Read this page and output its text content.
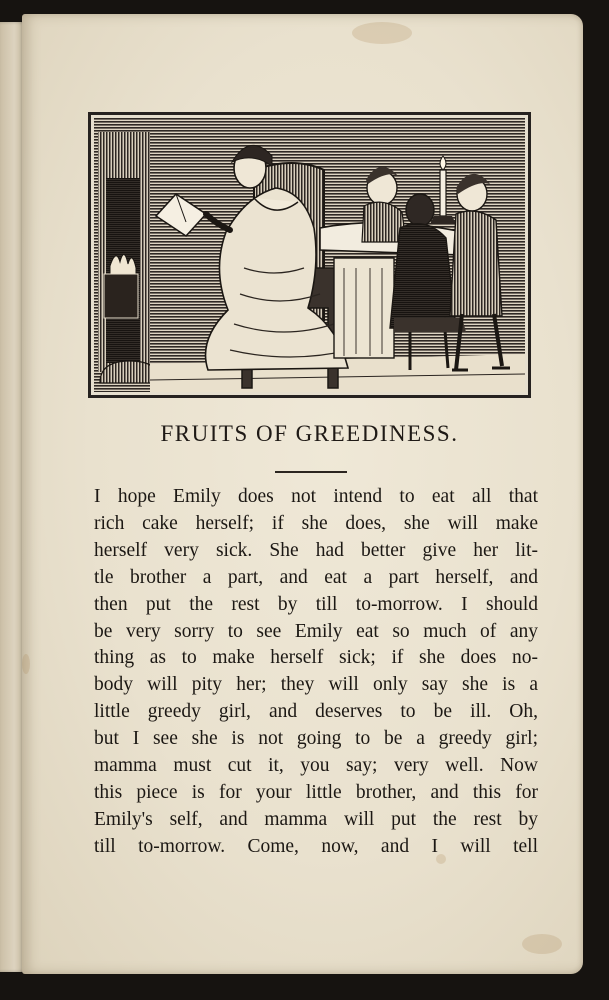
FRUITS OF GREEDINESS.
I hope Emily does not intend to eat all that
rich cake herself; if she does, she will make
herself very sick. She had better give her lit-
tle brother a part, and eat a part herself, and
then put the rest by till to-morrow. I should
be very sorry to see Emily eat so much of any
thing as to make herself sick; if she does no-
body will pity her; they will only say she is a
little greedy girl, and deserves to be ill. Oh,
but I see she is not going to be a greedy girl;
mamma must cut it, you say; very well. Now
this piece is for your little brother, and this for
Emily's self, and mamma will put the rest by
till to-morrow. Come, now, and I will tell
